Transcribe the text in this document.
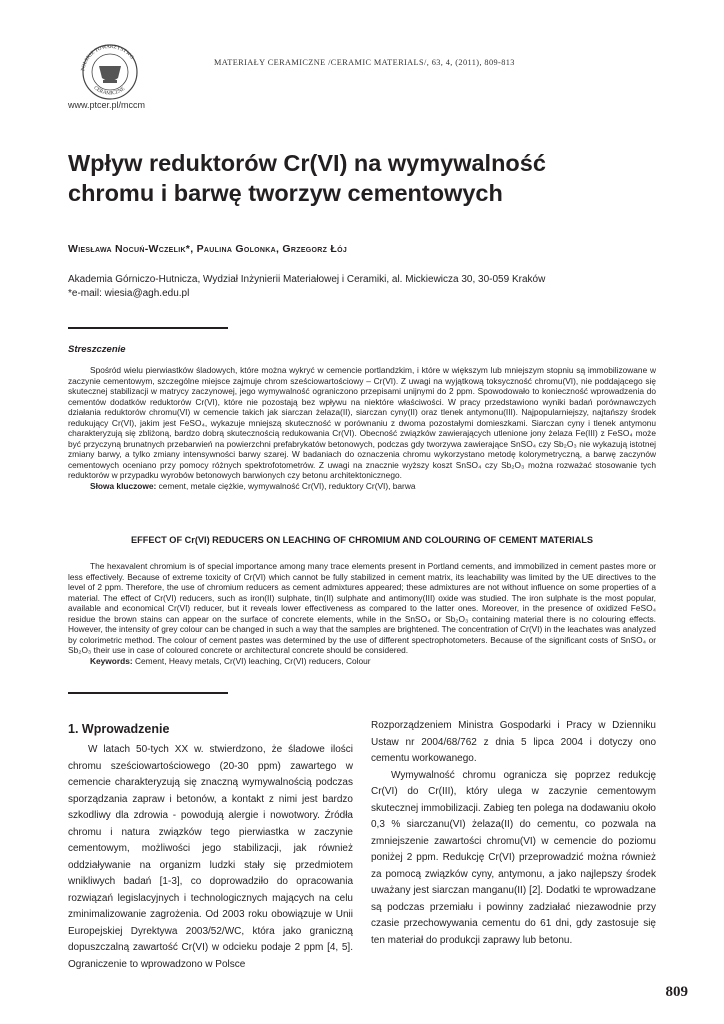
POLSKIE TOWARZYSTWO
CERAMICZNE
www.ptcer.pl/mccm
MATERIAŁY CERAMICZNE /CERAMIC MATERIALS/, 63, 4, (2011), 809-813
Wpływ reduktorów Cr(VI) na wymywalność
chromu i barwę tworzyw cementowych
Wiesława Nocuń-Wczelik*, Paulina Golonka, Grzegorz Łój
Akademia Górniczo-Hutnicza, Wydział Inżynierii Materiałowej i Ceramiki, al. Mickiewicza 30, 30-059 Kraków
*e-mail: wiesia@agh.edu.pl
Streszczenie

Spośród wielu pierwiastków śladowych, które można wykryć w cemencie portlandzkim, i które w większym lub mniejszym stopniu są immobilizowane w zaczynie cementowym, szczególne miejsce zajmuje chrom sześciowartościowy – Cr(VI). Z uwagi na wyjątkową toksyczność chromu(VI), nie poddającego się skutecznej stabilizacji w matrycy zaczynowej, jego wymywalność ograniczono przepisami unijnymi do 2 ppm. Spowodowało to konieczność wprowadzenia do cementów dodatków reduktorów Cr(VI), które nie pozostają bez wpływu na niektóre właściwości. W pracy przedstawiono wyniki badań porównawczych działania reduktorów chromu(VI) w cemencie takich jak siarczan żelaza(II), siarczan cyny(II) oraz tlenek antymonu(III). Najpopularniejszy, najtańszy środek redukujący Cr(VI), jakim jest FeSO₄, wykazuje mniejszą skuteczność w porównaniu z dwoma pozostałymi domieszkami. Siarczan cyny i tlenek antymonu charakteryzują się zbliżoną, bardzo dobrą skutecznością redukowania Cr(VI). Obecność związków zawierających utlenione jony żelaza Fe(III) z FeSO₄ może być przyczyną brunatnych przebarwień na powierzchni prefabrykatów betonowych, podczas gdy tworzywa zawierające SnSO₄ czy Sb₂O₃ nie wykazują istotnej zmiany barwy, a tylko zmiany intensywności barwy szarej. W badaniach do oznaczenia chromu wykorzystano metodę kolorymetryczną, a barwę zaczynów cementowych oceniano przy pomocy różnych spektrofotometrów. Z uwagi na znacznie wyższy koszt SnSO₄ czy Sb₂O₃ można rozważać stosowanie tych reduktorów w przypadku wyrobów betonowych barwionych czy betonu architektonicznego.

Słowa kluczowe: cement, metale ciężkie, wymywalność Cr(VI), reduktory Cr(VI), barwa
EFFECT OF Cr(VI) REDUCERS ON LEACHING OF CHROMIUM AND COLOURING OF CEMENT MATERIALS

The hexavalent chromium is of special importance among many trace elements present in Portland cements, and immobilized in cement pastes more or less effectively. Because of extreme toxicity of Cr(VI) which cannot be fully stabilized in cement matrix, its leachability was limited by the UE directives to the level of 2 ppm. Therefore, the use of chromium reducers as cement admixtures appeared; these admixtures are not without influence on some properties of a material. The effect of Cr(VI) reducers, such as iron(II) sulphate, tin(II) sulphate and antimony(III) oxide was studied. The iron sulphate is the most popular, available and economical Cr(VI) reducer, but it reveals lower effectiveness as compared to the latter ones. Moreover, in the presence of oxidized FeSO₄ residue the brown stains can appear on the surface of concrete elements, while in the SnSO₄ or Sb₂O₃ containing material there is no colouring effects. However, the intensity of grey colour can be changed in such a way that the samples are brightened. The concentration of Cr(VI) in the leachates was analyzed by colorimetric method. The colour of cement pastes was determined by the use of different spectrophotometers. Because of the significant costs of SnSO₄ or Sb₂O₃ their use in case of coloured concrete or architectural concrete should be considered.

Keywords: Cement, Heavy metals, Cr(VI) leaching, Cr(VI) reducers, Colour
1. Wprowadzenie

W latach 50-tych XX w. stwierdzono, że śladowe ilości chromu sześciowartościowego (20-30 ppm) zawartego w cemencie charakteryzują się znaczną wymywalnością podczas sporządzania zapraw i betonów, a kontakt z nimi jest bardzo szkodliwy dla zdrowia - powodują alergie i nowotwory. Źródła chromu i natura związków tego pierwiastka w zaczynie cementowym, możliwości jego stabilizacji, jak również oddziaływanie na organizm ludzki stały się przedmiotem wnikliwych badań [1-3], co doprowadziło do opracowania rozwiązań legislacyjnych i technologicznych mających na celu zminimalizowanie zagrożenia. Od 2003 roku obowiązuje w Unii Europejskiej Dyrektywa 2003/52/WC, która jako graniczną dopuszczalną zawartość Cr(VI) w odcieku podaje 2 ppm [4, 5]. Ograniczenie to wprowadzono w Polsce

Rozporządzeniem Ministra Gospodarki i Pracy w Dzienniku Ustaw nr 2004/68/762 z dnia 5 lipca 2004 i dotyczy ono cementu workowanego.

Wymywalność chromu ogranicza się poprzez redukcję Cr(VI) do Cr(III), który ulega w zaczynie cementowym skutecznej immobilizacji. Zabieg ten polega na dodawaniu około 0,3 % siarczanu(VI) żelaza(II) do cementu, co pozwala na zmniejszenie zawartości chromu(VI) w cemencie do poziomu poniżej 2 ppm. Redukcję Cr(VI) przeprowadzić można również za pomocą związków cyny, antymonu, a jako najlepszy środek uważany jest siarczan manganu(II) [2]. Dodatki te wprowadzane są podczas przemiału i powinny zadziałać niezawodnie przy czasie przechowywania cementu do 61 dni, gdy zastosuje się ten materiał do produkcji zaprawy lub betonu.

809
